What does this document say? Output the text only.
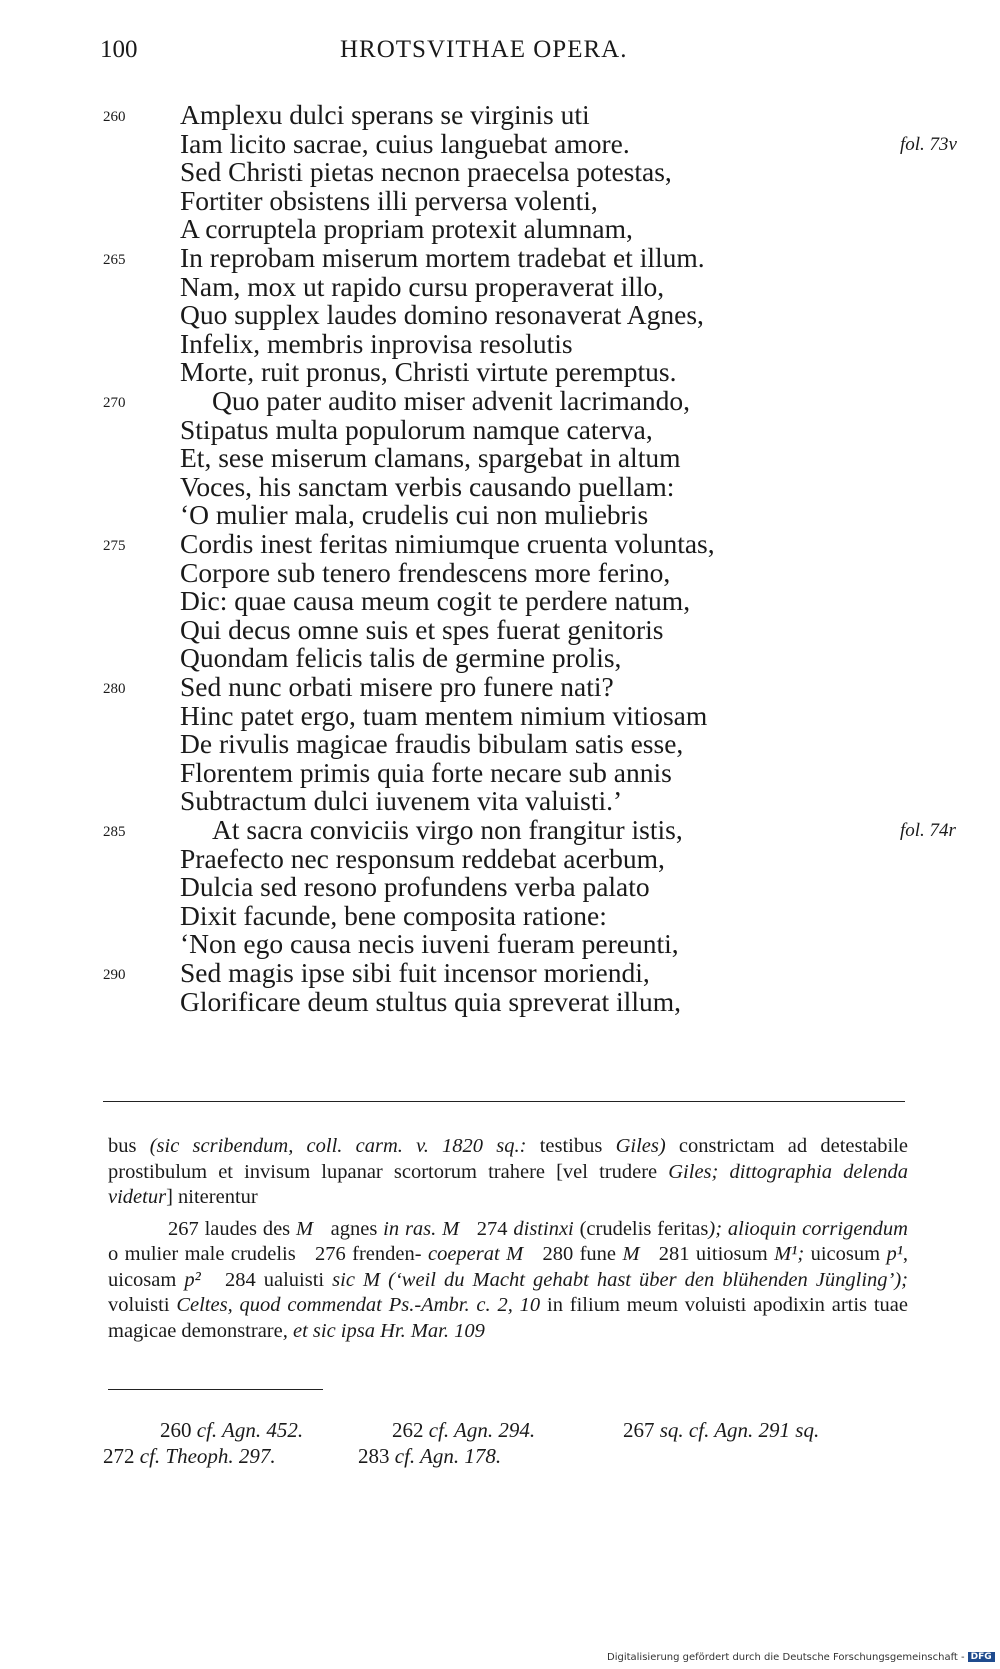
100	HROTSVITHAE OPERA.
260 Amplexu dulci sperans se virginis uti
Iam licito sacrae, cuius languebat amore.	fol. 73v
Sed Christi pietas necnon praecelsa potestas,
Fortiter obsistens illi perversa volenti,
A corruptela propriam protexit alumnam,
265 In reprobam miserum mortem tradebat et illum.
Nam, mox ut rapido cursu properaverat illo,
Quo supplex laudes domino resonaverat Agnes,
Infelix, membris inprovisa resolutis
Morte, ruit pronus, Christi virtute peremptus.
270	Quo pater audito miser advenit lacrimando,
Stipatus multa populorum namque caterva,
Et, sese miserum clamans, spargebat in altum
Voces, his sanctam verbis causando puellam:
‘O mulier mala, crudelis cui non muliebris
275 Cordis inest feritas nimiumque cruenta voluntas,
Corpore sub tenero frendescens more ferino,
Dic: quae causa meum cogit te perdere natum,
Qui decus omne suis et spes fuerat genitoris
Quondam felicis talis de germine prolis,
280 Sed nunc orbati misere pro funere nati?
Hinc patet ergo, tuam mentem nimium vitiosam
De rivulis magicae fraudis bibulam satis esse,
Florentem primis quia forte necare sub annis
Subtractum dulci iuvenem vita valuisti.’
285	At sacra conviciis virgo non frangitur istis,	fol. 74r
Praefecto nec responsum reddebat acerbum,
Dulcia sed resono profundens verba palato
Dixit facunde, bene composita ratione:
‘Non ego causa necis iuveni fueram pereunti,
290 Sed magis ipse sibi fuit incensor moriendi,
Glorificare deum stultus quia spreverat illum,

bus (sic scribendum, coll. carm. v. 1820 sq.: testibus Giles) constrictam ad detestabile prostibulum et invisum lupanar scortorum trahere [vel trudere Giles; dittographia delenda videtur] niterentur

267 laudes des M   agnes in ras. M   274 distinxi (crudelis feritas); alioquin corrigendum o mulier male crudelis   276 frenden- coeperat M   280 fune M   281 uitiosum M¹; uicosum p¹, uicosam p²   284 ualuisti sic M (‘weil du Macht gehabt hast über den blühenden Jüngling’); voluisti Celtes, quod commendat Ps.-Ambr. c. 2, 10 in filium meum voluisti apodixin artis tuae magicae demonstrare, et sic ipsa Hr. Mar. 109

260 cf. Agn. 452.	262 cf. Agn. 294.	267 sq. cf. Agn. 291 sq.
272 cf. Theoph. 297.	283 cf. Agn. 178.
Digitalisierung gefördert durch die Deutsche Forschungsgemeinschaft - DFG
